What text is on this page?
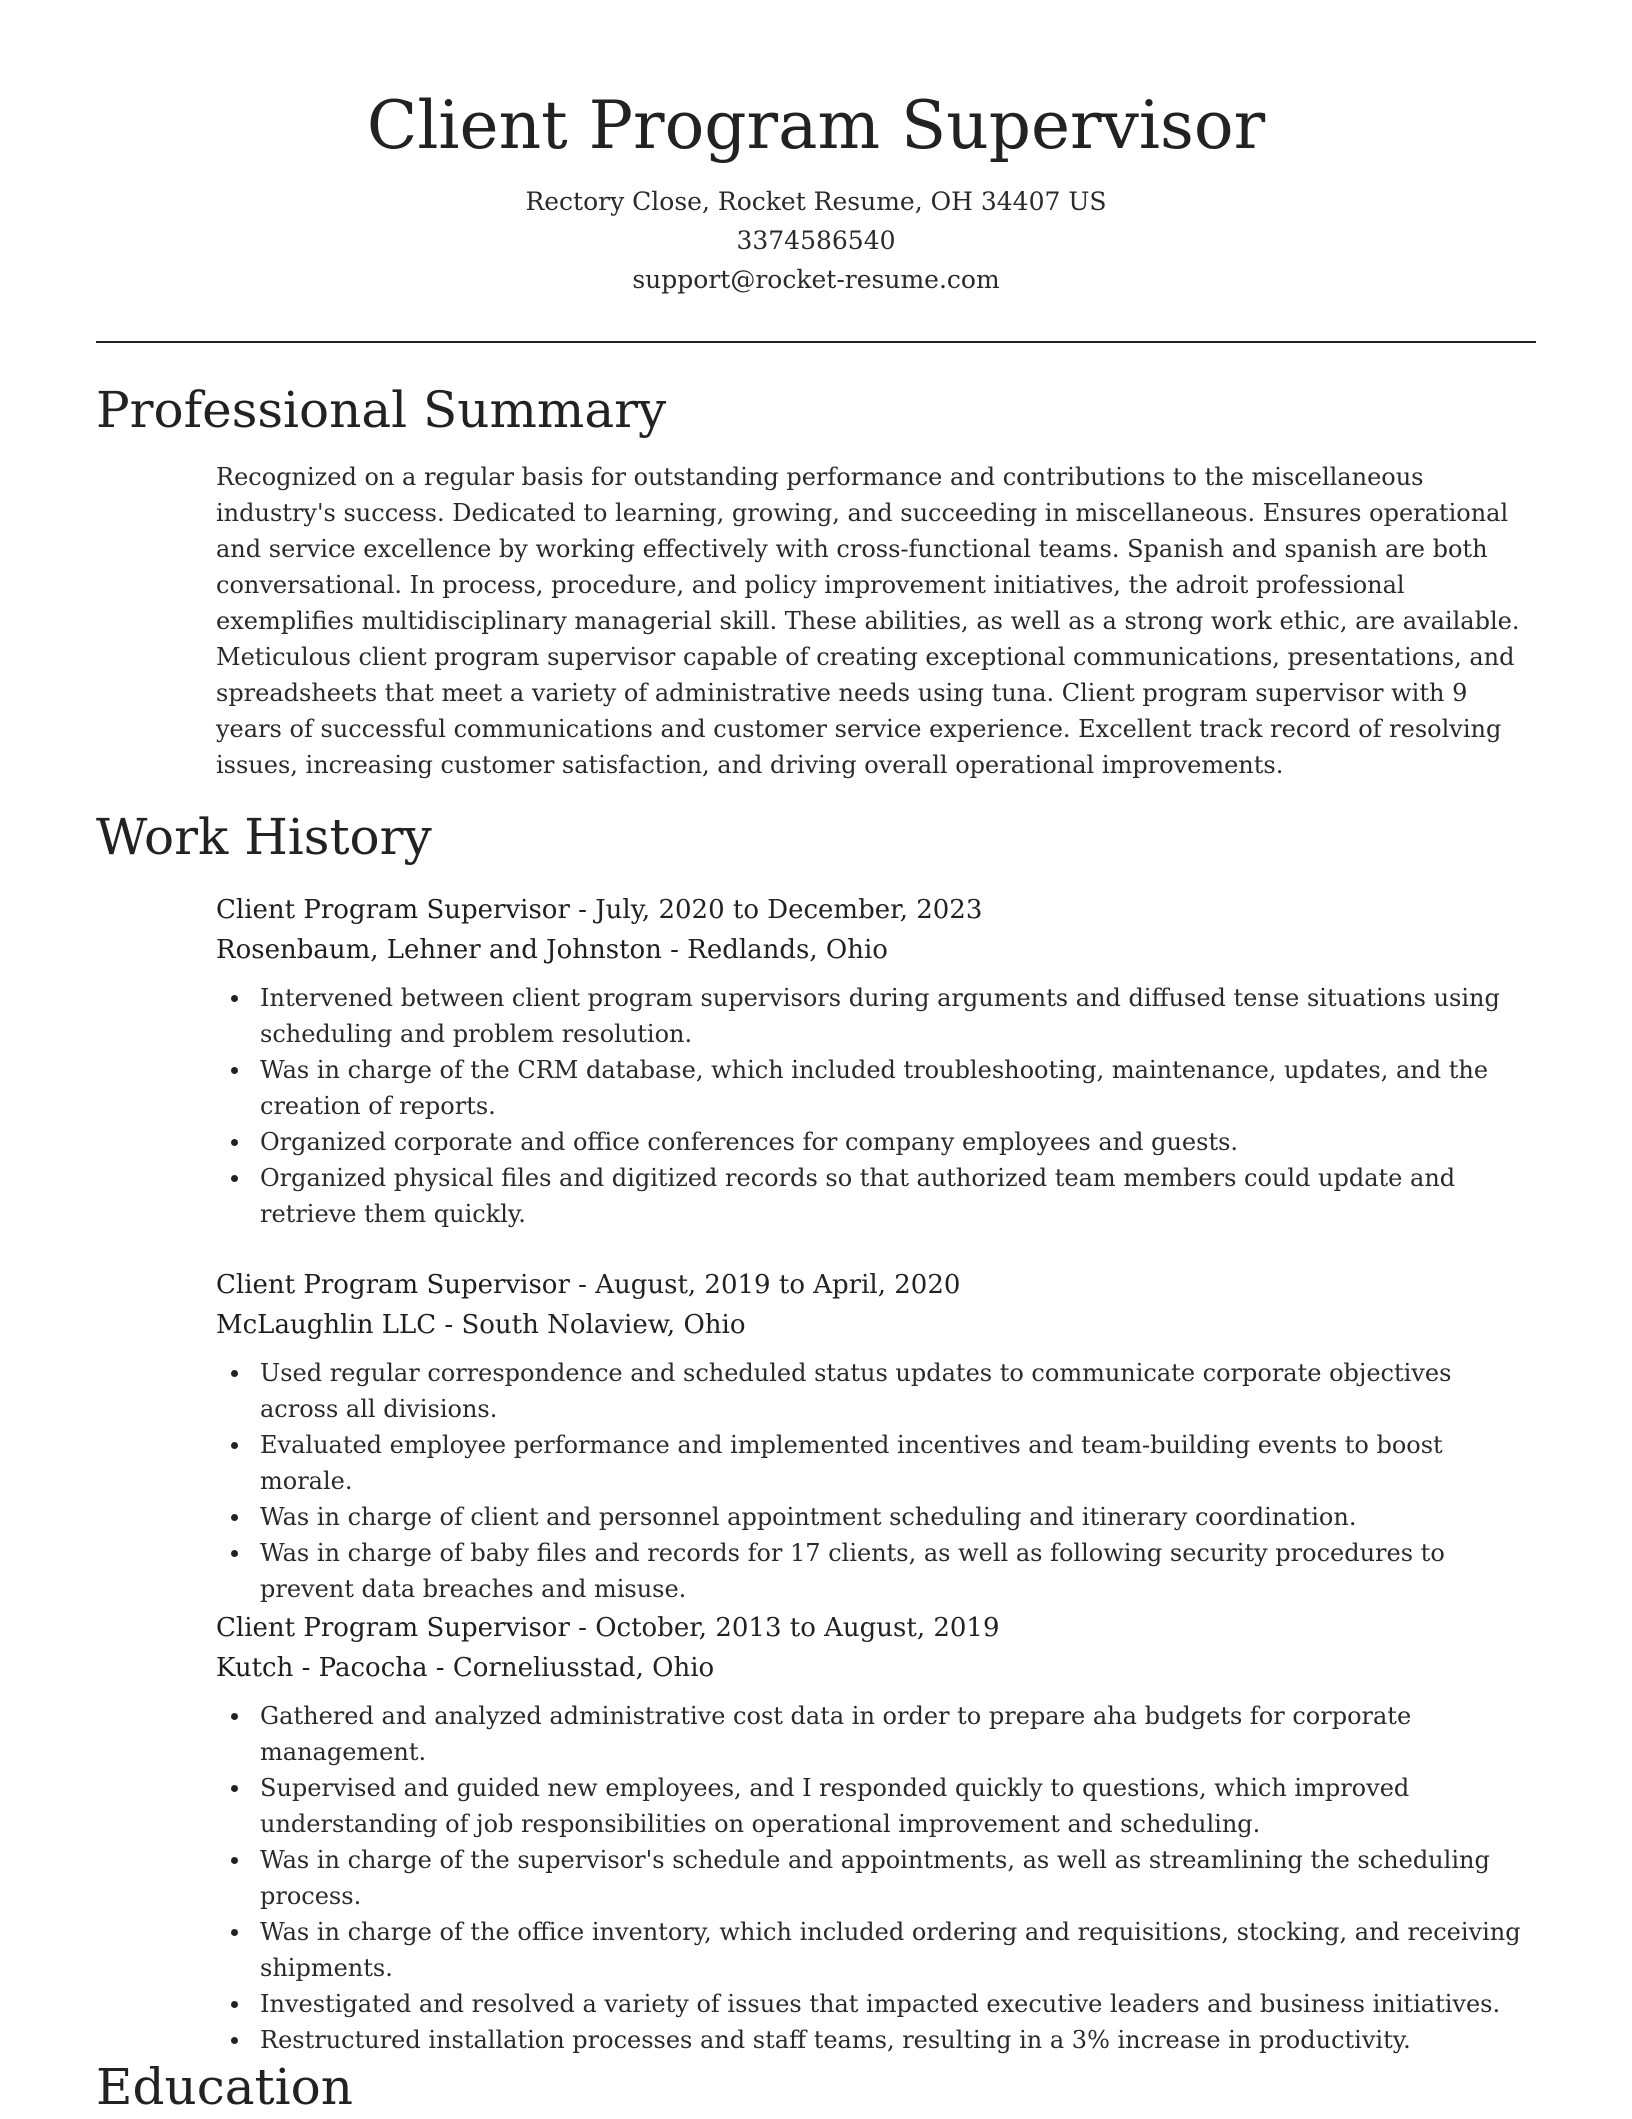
Client Program Supervisor
Rectory Close, Rocket Resume, OH 34407 US
3374586540
support@rocket-resume.com
Professional Summary

Recognized on a regular basis for outstanding performance and contributions to the miscellaneous industry's success. Dedicated to learning, growing, and succeeding in miscellaneous. Ensures operational and service excellence by working effectively with cross-functional teams. Spanish and spanish are both conversational. In process, procedure, and policy improvement initiatives, the adroit professional exemplifies multidisciplinary managerial skill. These abilities, as well as a strong work ethic, are available. Meticulous client program supervisor capable of creating exceptional communications, presentations, and spreadsheets that meet a variety of administrative needs using tuna. Client program supervisor with 9 years of successful communications and customer service experience. Excellent track record of resolving issues, increasing customer satisfaction, and driving overall operational improvements.

Work History
Client Program Supervisor - July, 2020 to December, 2023
Rosenbaum, Lehner and Johnston - Redlands, Ohio
Intervened between client program supervisors during arguments and diffused tense situations using scheduling and problem resolution.
Was in charge of the CRM database, which included troubleshooting, maintenance, updates, and the creation of reports.
Organized corporate and office conferences for company employees and guests.
Organized physical files and digitized records so that authorized team members could update and retrieve them quickly.
Client Program Supervisor - August, 2019 to April, 2020
McLaughlin LLC - South Nolaview, Ohio
Used regular correspondence and scheduled status updates to communicate corporate objectives across all divisions.
Evaluated employee performance and implemented incentives and team-building events to boost morale.
Was in charge of client and personnel appointment scheduling and itinerary coordination.
Was in charge of baby files and records for 17 clients, as well as following security procedures to prevent data breaches and misuse.
Client Program Supervisor - October, 2013 to August, 2019
Kutch - Pacocha - Corneliusstad, Ohio
Gathered and analyzed administrative cost data in order to prepare aha budgets for corporate management.
Supervised and guided new employees, and I responded quickly to questions, which improved understanding of job responsibilities on operational improvement and scheduling.
Was in charge of the supervisor's schedule and appointments, as well as streamlining the scheduling process.
Was in charge of the office inventory, which included ordering and requisitions, stocking, and receiving shipments.
Investigated and resolved a variety of issues that impacted executive leaders and business initiatives.
Restructured installation processes and staff teams, resulting in a 3% increase in productivity.
Education
